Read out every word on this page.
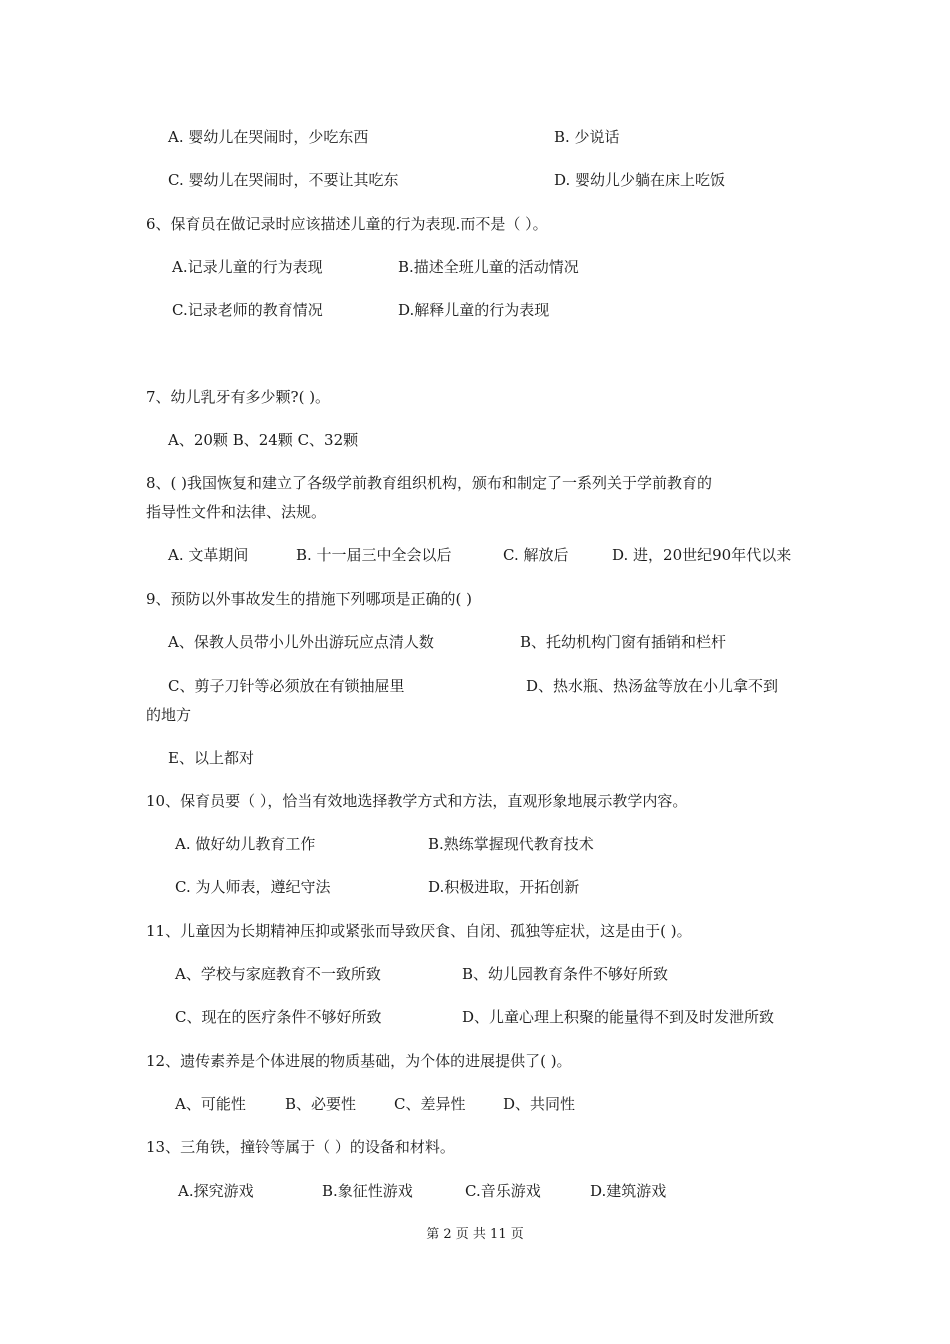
A. 婴幼儿在哭闹时，少吃东西	B. 少说话
C. 婴幼儿在哭闹时，不要让其吃东	D. 婴幼儿少躺在床上吃饭
6、保育员在做记录时应该描述儿童的行为表现.而不是（ ）。
A.记录儿童的行为表现	B.描述全班儿童的活动情况
C.记录老师的教育情况	D.解释儿童的行为表现
7、幼儿乳牙有多少颗?( )。
A、20颗 B、24颗 C、32颗
8、( )我国恢复和建立了各级学前教育组织机构，颁布和制定了一系列关于学前教育的
指导性文件和法律、法规。
A. 文革期间	B. 十一届三中全会以后	C. 解放后	D. 进，20世纪90年代以来
9、预防以外事故发生的措施下列哪项是正确的( )
A、保教人员带小儿外出游玩应点清人数	B、托幼机构门窗有插销和栏杆
C、剪子刀针等必须放在有锁抽屉里	D、热水瓶、热汤盆等放在小儿拿不到
的地方
E、以上都对
10、保育员要（ ），恰当有效地选择教学方式和方法，直观形象地展示教学内容。
A. 做好幼儿教育工作	B.熟练掌握现代教育技术
C. 为人师表，遵纪守法	D.积极进取，开拓创新
11、儿童因为长期精神压抑或紧张而导致厌食、自闭、孤独等症状，这是由于( )。
A、学校与家庭教育不一致所致	B、幼儿园教育条件不够好所致
C、现在的医疗条件不够好所致	D、儿童心理上积聚的能量得不到及时发泄所致
12、遗传素养是个体进展的物质基础，为个体的进展提供了( )。
A、可能性	B、必要性	C、差异性	D、共同性
13、三角铁，撞铃等属于（ ）的设备和材料。
A.探究游戏	B.象征性游戏	C.音乐游戏	D.建筑游戏
第 2 页 共 11 页
